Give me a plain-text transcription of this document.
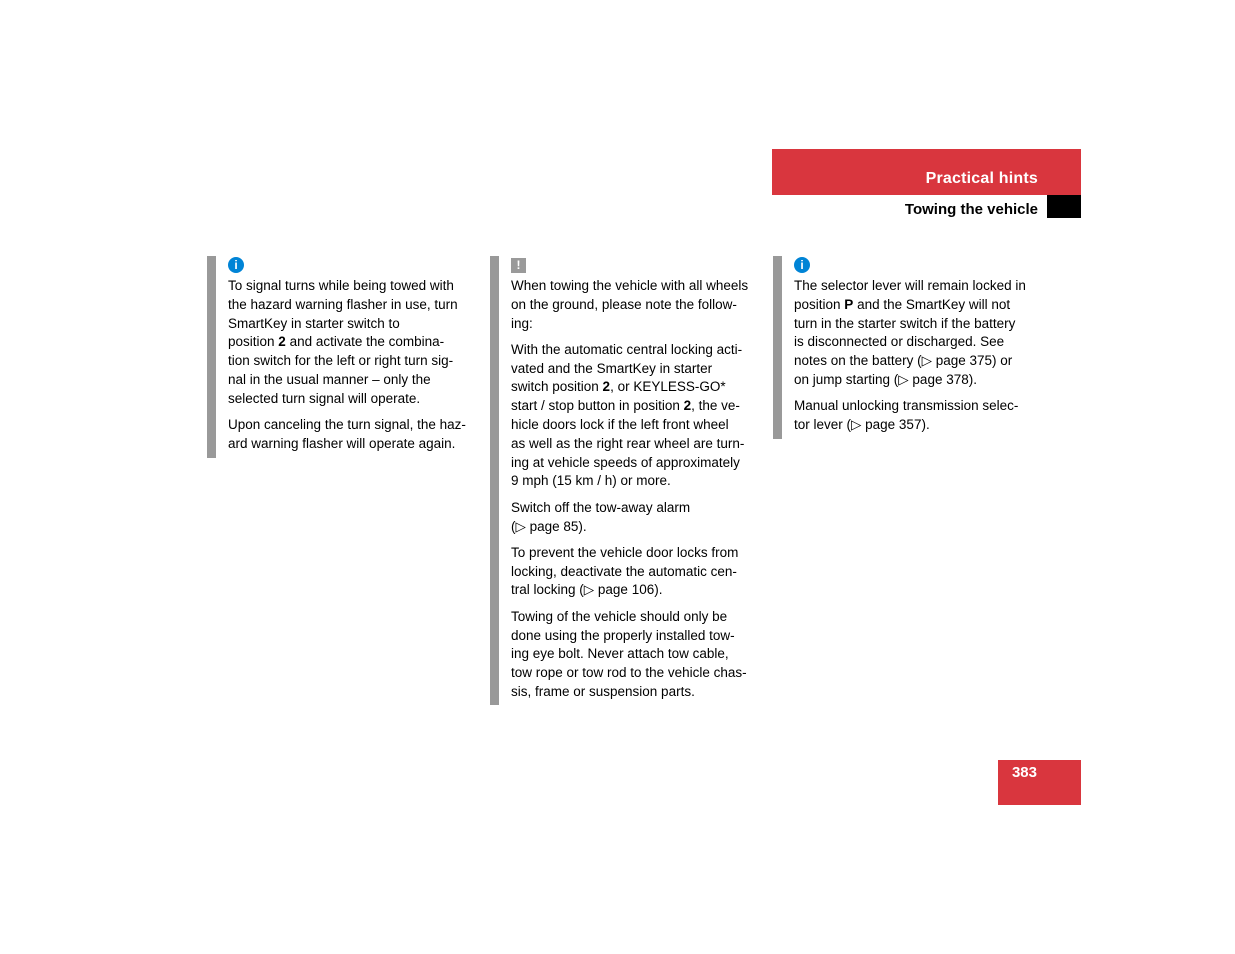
Practical hints
Towing the vehicle
i

To signal turns while being towed with
the hazard warning flasher in use, turn
SmartKey in starter switch to
position 2 and activate the combina-
tion switch for the left or right turn sig-
nal in the usual manner – only the
selected turn signal will operate.

Upon canceling the turn signal, the haz-
ard warning flasher will operate again.

!

When towing the vehicle with all wheels
on the ground, please note the follow-
ing:

With the automatic central locking acti-
vated and the SmartKey in starter
switch position 2, or KEYLESS-GO*
start / stop button in position 2, the ve-
hicle doors lock if the left front wheel
as well as the right rear wheel are turn-
ing at vehicle speeds of approximately
9 mph (15 km / h) or more.

Switch off the tow-away alarm
(▷ page 85).

To prevent the vehicle door locks from
locking, deactivate the automatic cen-
tral locking (▷ page 106).

Towing of the vehicle should only be
done using the properly installed tow-
ing eye bolt. Never attach tow cable,
tow rope or tow rod to the vehicle chas-
sis, frame or suspension parts.

i

The selector lever will remain locked in
position P and the SmartKey will not
turn in the starter switch if the battery
is disconnected or discharged. See
notes on the battery (▷ page 375) or
on jump starting (▷ page 378).

Manual unlocking transmission selec-
tor lever (▷ page 357).

383
